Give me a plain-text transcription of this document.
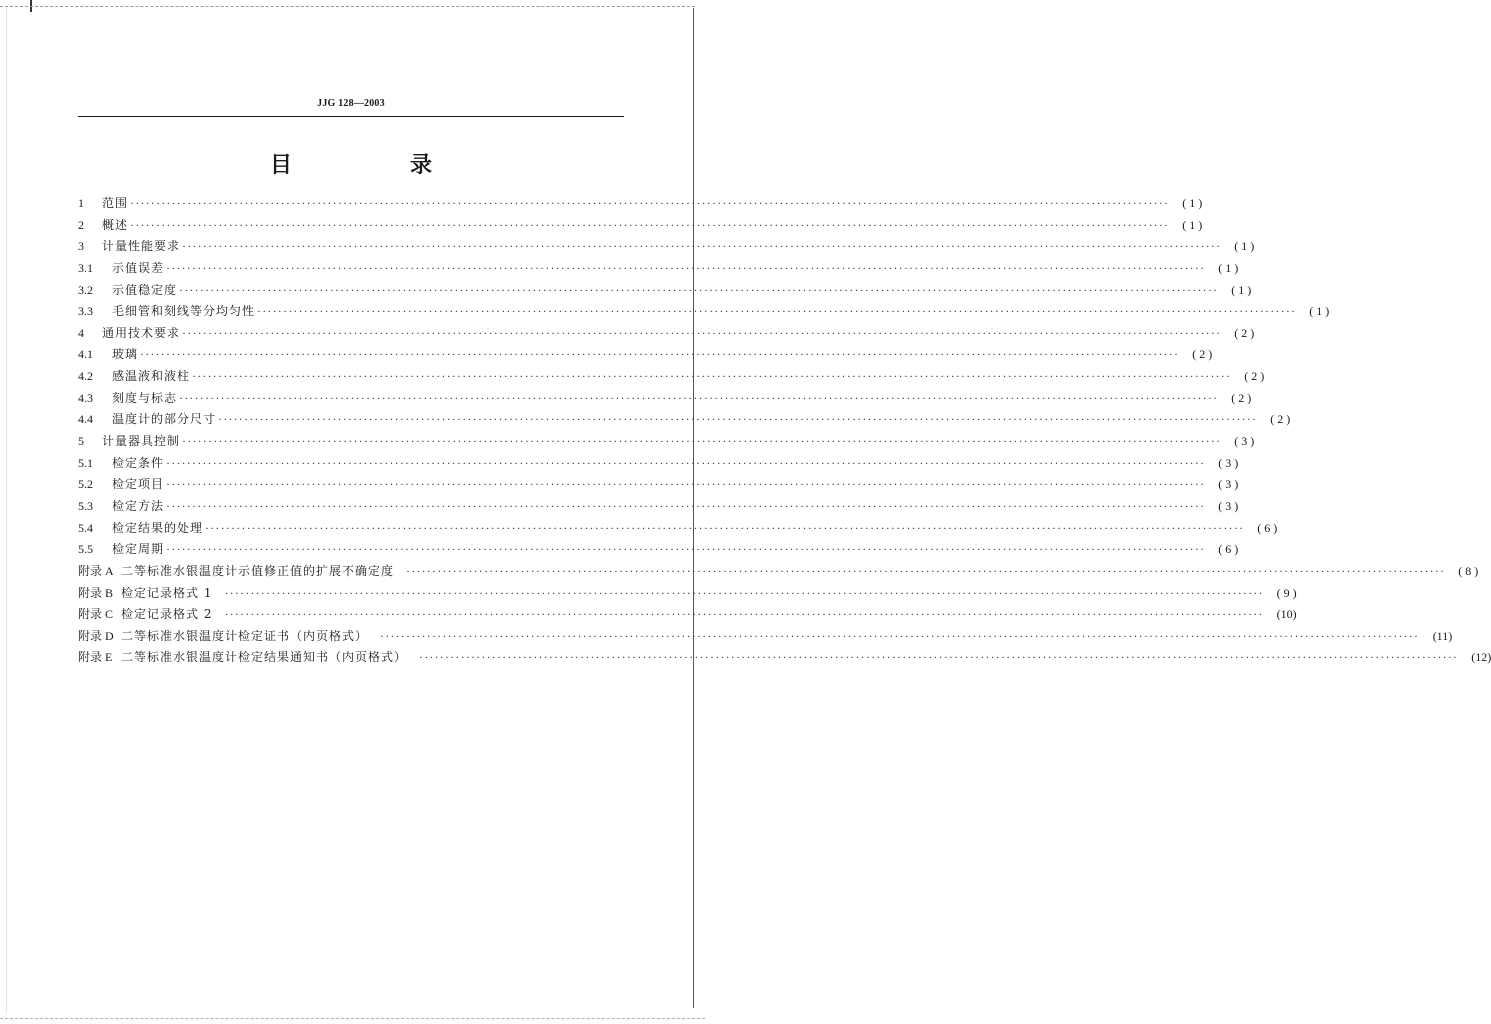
JJG 128—2003
目　录
1	范围 ········································································································································································································	( 1 )
2	概述 ········································································································································································································	( 1 )
3	计量性能要求 ········································································································································································································	( 1 )
3.1	示值误差 ········································································································································································································	( 1 )
3.2	示值稳定度 ········································································································································································································	( 1 )
3.3	毛细管和刻线等分均匀性 ········································································································································································································	( 1 )
4	通用技术要求 ········································································································································································································	( 2 )
4.1	玻璃 ········································································································································································································	( 2 )
4.2	感温液和液柱 ········································································································································································································	( 2 )
4.3	刻度与标志 ········································································································································································································	( 2 )
4.4	温度计的部分尺寸 ········································································································································································································	( 2 )
5	计量器具控制 ········································································································································································································	( 3 )
5.1	检定条件 ········································································································································································································	( 3 )
5.2	检定项目 ········································································································································································································	( 3 )
5.3	检定方法 ········································································································································································································	( 3 )
5.4	检定结果的处理 ········································································································································································································	( 6 )
5.5	检定周期 ········································································································································································································	( 6 )
附录 A 二等标准水银温度计示值修正值的扩展不确定度 ········································································································································································································	( 8 )
附录 B 检定记录格式 1 ········································································································································································································	( 9 )
附录 C 检定记录格式 2 ········································································································································································································	(10)
附录 D 二等标准水银温度计检定证书（内页格式） ········································································································································································································	(11)
附录 E 二等标准水银温度计检定结果通知书（内页格式） ········································································································································································································	(12)
